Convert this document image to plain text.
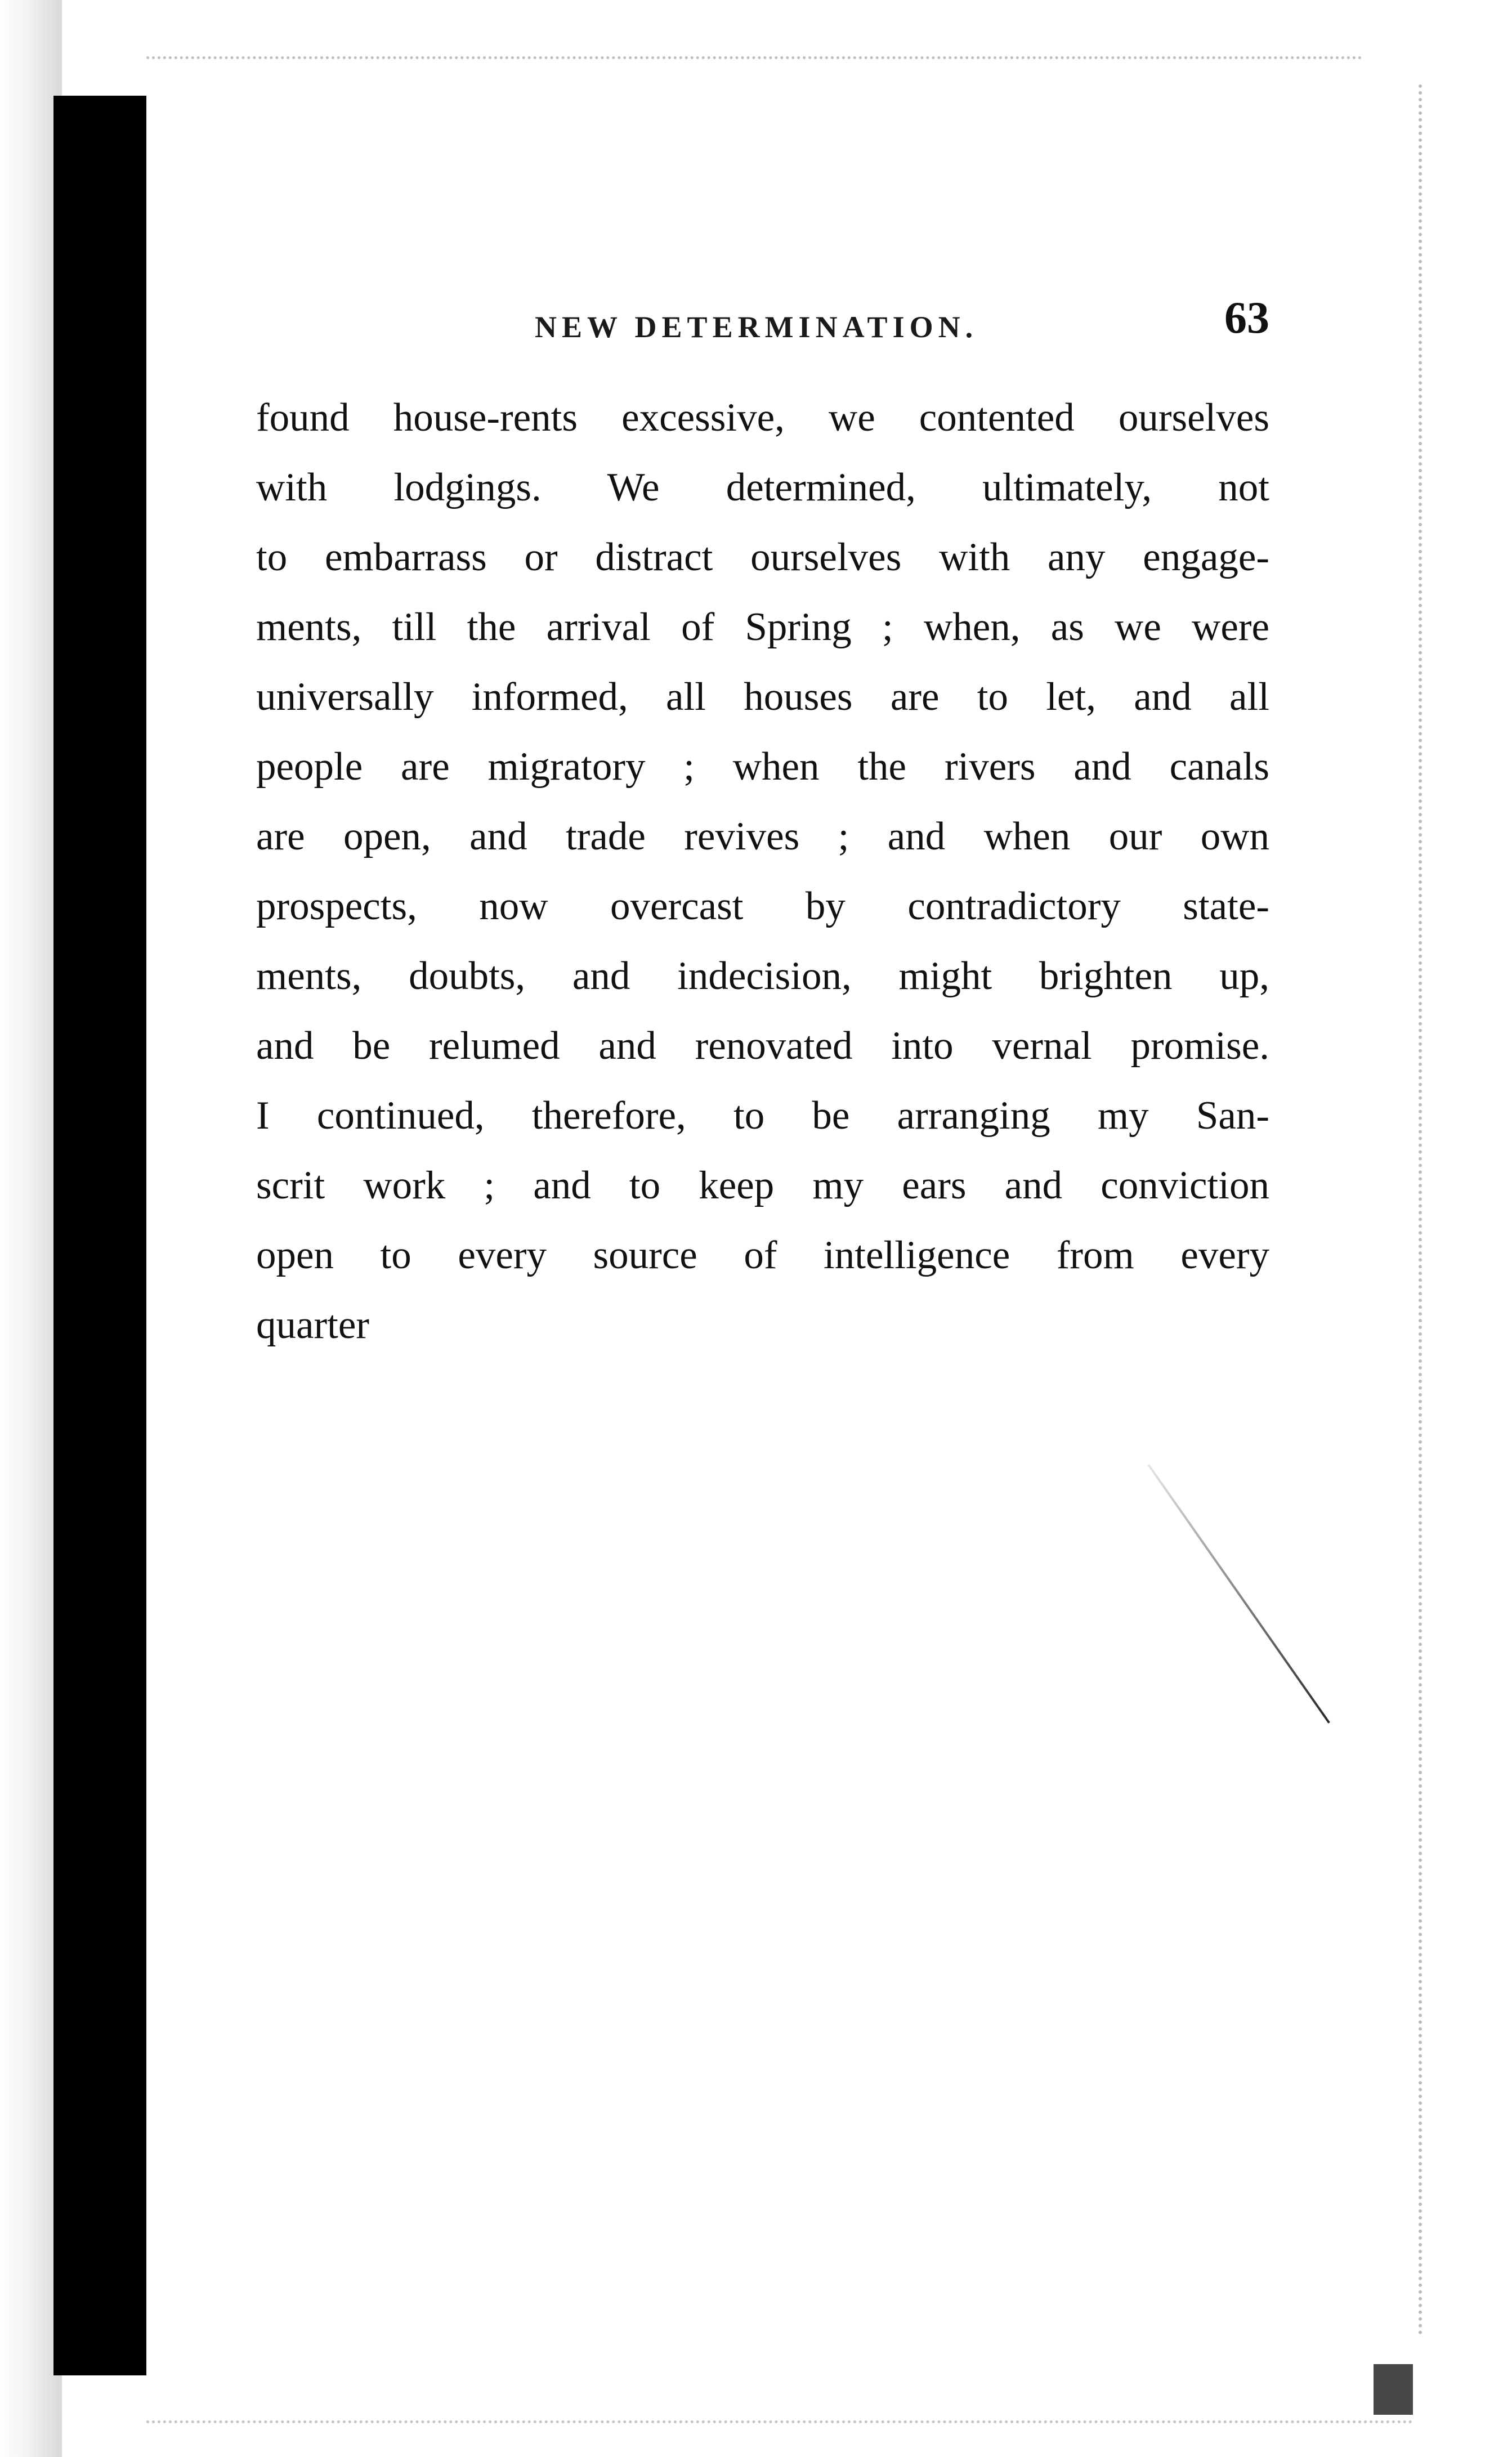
NEW DETERMINATION.	63
found house-rents excessive, we contented ourselves
with lodgings. We determined, ultimately, not
to embarrass or distract ourselves with any engage-
ments, till the arrival of Spring ; when, as we were
universally informed, all houses are to let, and all
people are migratory ; when the rivers and canals
are open, and trade revives ; and when our own
prospects, now overcast by contradictory state-
ments, doubts, and indecision, might brighten up,
and be relumed and renovated into vernal promise.
I continued, therefore, to be arranging my San-
scrit work ; and to keep my ears and conviction
open to every source of intelligence from every
quarter
